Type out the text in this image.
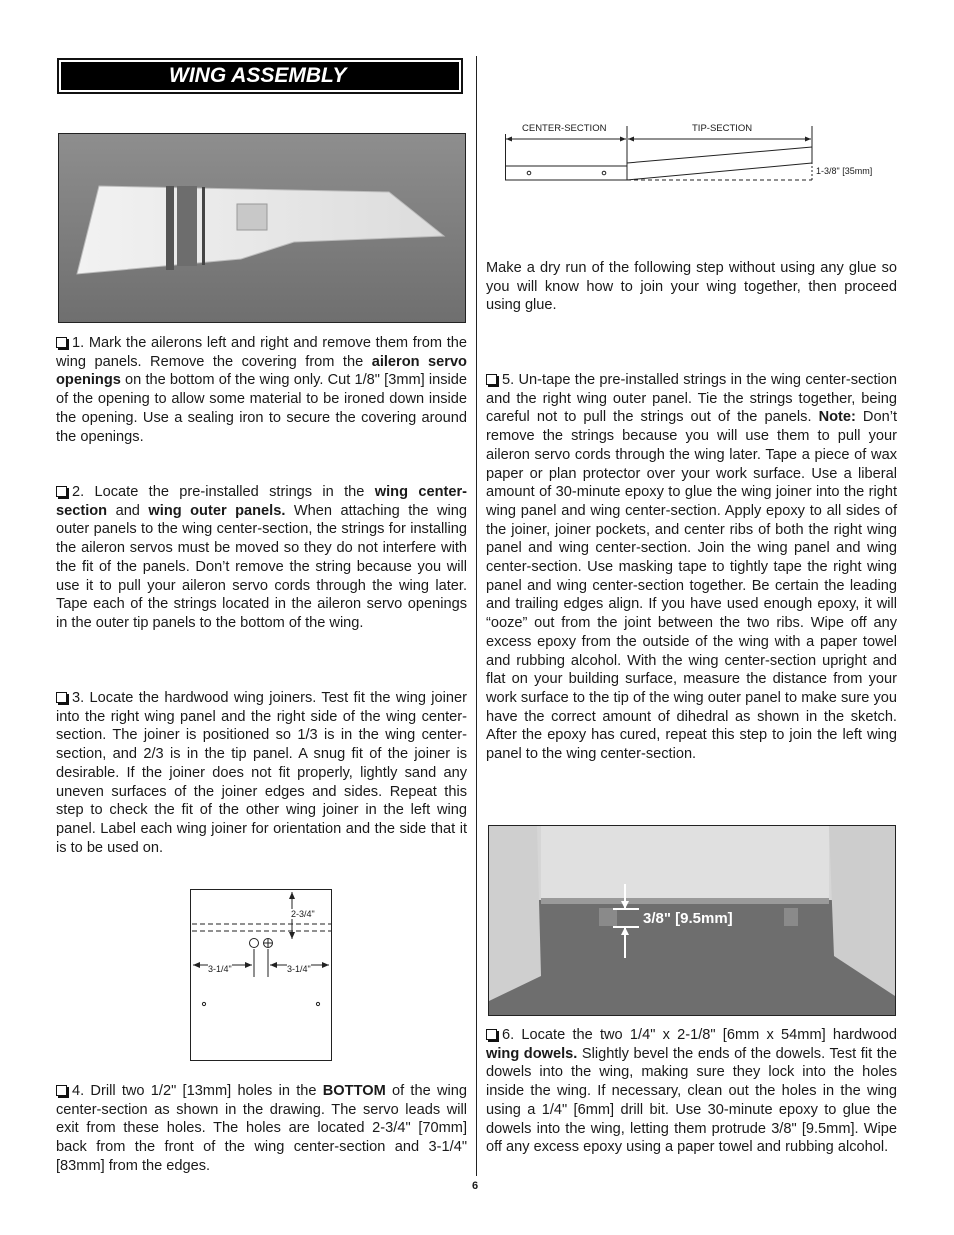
WING ASSEMBLY

1. Mark the ailerons left and right and remove them from the wing panels. Remove the covering from the aileron servo openings on the bottom of the wing only. Cut 1/8" [3mm] inside of the opening to allow some material to be ironed down inside the opening. Use a sealing iron to secure the covering around the openings.

2. Locate the pre-installed strings in the wing center-section and wing outer panels. When attaching the wing outer panels to the wing center-section, the strings for installing the aileron servos must be moved so they do not interfere with the fit of the panels. Don’t remove the string because you will use it to pull your aileron servo cords through the wing later. Tape each of the strings located in the aileron servo openings in the outer tip panels to the bottom of the wing.

3. Locate the hardwood wing joiners. Test fit the wing joiner into the right wing panel and the right side of the wing center-section. The joiner is positioned so 1/3 is in the wing center-section, and 2/3 is in the tip panel. A snug fit of the joiner is desirable. If the joiner does not fit properly, lightly sand any uneven surfaces of the joiner edges and sides. Repeat this step to check the fit of the other wing joiner in the left wing panel. Label each wing joiner for orientation and the side that it is to be used on.

2-3/4"
3-1/4"	3-1/4"

4. Drill two 1/2" [13mm] holes in the BOTTOM of the wing center-section as shown in the drawing. The servo leads will exit from these holes. The holes are located 2-3/4" [70mm] back from the front of the wing center-section and 3-1/4" [83mm] from the edges.

CENTER-SECTION	TIP-SECTION
1-3/8" [35mm]

Make a dry run of the following step without using any glue so you will know how to join your wing together, then proceed using glue.

5. Un-tape the pre-installed strings in the wing center-section and the right wing outer panel. Tie the strings together, being careful not to pull the strings out of the panels. Note: Don’t remove the strings because you will use them to pull your aileron servo cords through the wing later. Tape a piece of wax paper or plan protector over your work surface. Use a liberal amount of 30-minute epoxy to glue the wing joiner into the right wing panel and wing center-section. Apply epoxy to all sides of the joiner, joiner pockets, and center ribs of both the right wing panel and wing center-section. Join the wing panel and wing center-section. Use masking tape to tightly tape the right wing panel and wing center-section together. Be certain the leading and trailing edges align. If you have used enough epoxy, it will “ooze” out from the joint between the two ribs. Wipe off any excess epoxy from the outside of the wing with a paper towel and rubbing alcohol. With the wing center-section upright and flat on your building surface, measure the distance from your work surface to the tip of the wing outer panel to make sure you have the correct amount of dihedral as shown in the sketch. After the epoxy has cured, repeat this step to join the left wing panel to the wing center-section.

3/8" [9.5mm]

6. Locate the two 1/4" x 2-1/8" [6mm x 54mm] hardwood wing dowels. Slightly bevel the ends of the dowels. Test fit the dowels into the wing, making sure they lock into the holes inside the wing. If necessary, clean out the holes in the wing using a 1/4" [6mm] drill bit. Use 30-minute epoxy to glue the dowels into the wing, letting them protrude 3/8" [9.5mm]. Wipe off any excess epoxy using a paper towel and rubbing alcohol.

6
